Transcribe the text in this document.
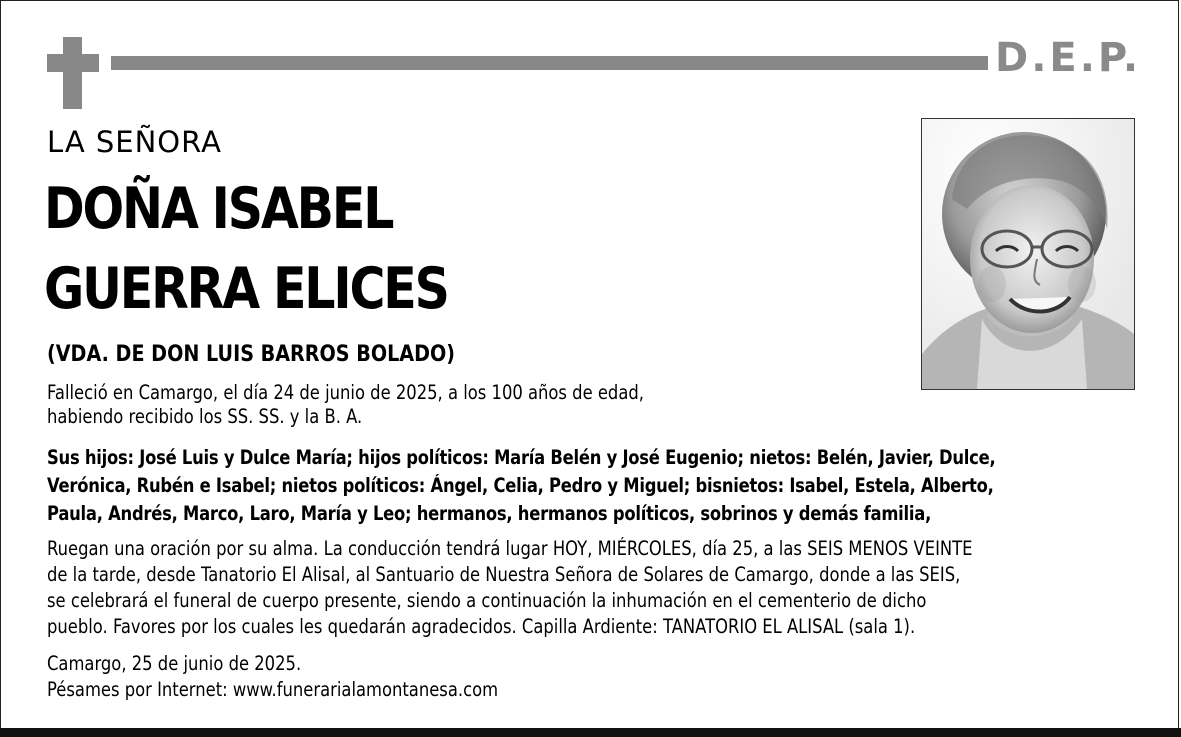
D.E.P.
LA SEÑORA
DOÑA ISABEL
GUERRA ELICES
(VDA. DE DON LUIS BARROS BOLADO)
Falleció en Camargo, el día 24 de junio de 2025, a los 100 años de edad,
habiendo recibido los SS. SS. y la B. A.
Sus hijos: José Luis y Dulce María; hijos políticos: María Belén y José Eugenio; nietos: Belén, Javier, Dulce,
Verónica, Rubén e Isabel; nietos políticos: Ángel, Celia, Pedro y Miguel; bisnietos: Isabel, Estela, Alberto,
Paula, Andrés, Marco, Laro, María y Leo; hermanos, hermanos políticos, sobrinos y demás familia,
Ruegan una oración por su alma. La conducción tendrá lugar HOY, MIÉRCOLES, día 25, a las SEIS MENOS VEINTE
de la tarde, desde Tanatorio El Alisal, al Santuario de Nuestra Señora de Solares de Camargo, donde a las SEIS,
se celebrará el funeral de cuerpo presente, siendo a continuación la inhumación en el cementerio de dicho
pueblo. Favores por los cuales les quedarán agradecidos. Capilla Ardiente: TANATORIO EL ALISAL (sala 1).
Camargo, 25 de junio de 2025.
Pésames por Internet: www.funerarialamontanesa.com
